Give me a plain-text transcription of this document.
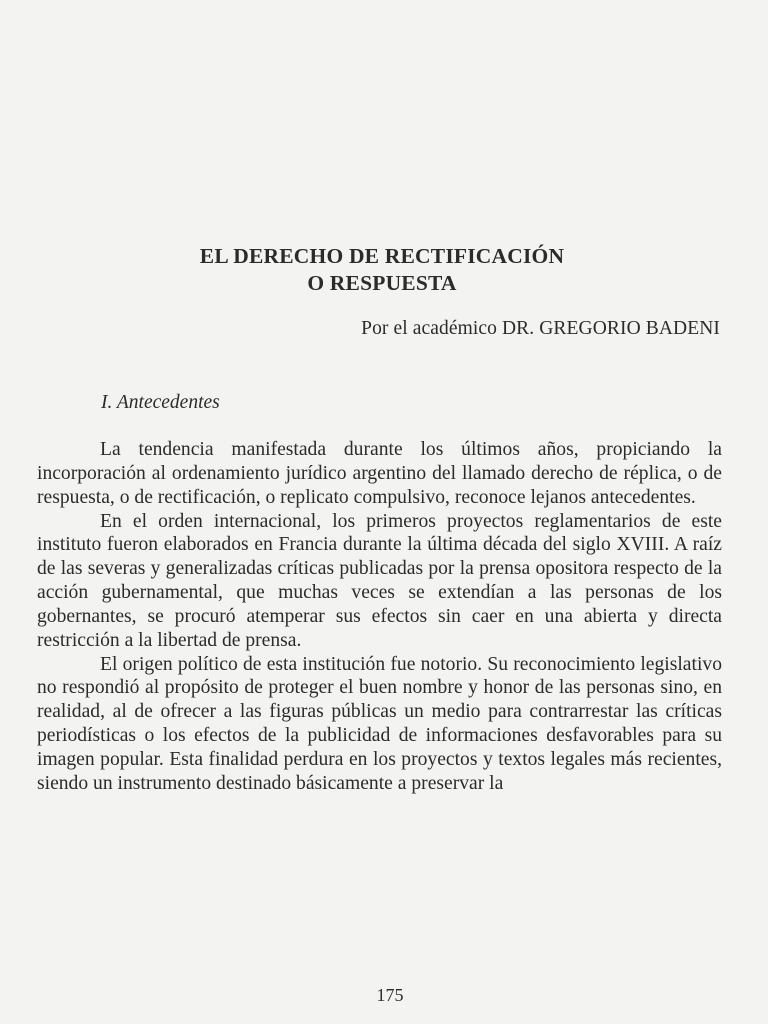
EL DERECHO DE RECTIFICACIÓN
O RESPUESTA

Por el académico DR. GREGORIO BADENI

I. Antecedentes

La tendencia manifestada durante los últimos años, propiciando la incorporación al ordenamiento jurídico argentino del llamado derecho de réplica, o de respuesta, o de rectificación, o replicato compulsivo, reconoce lejanos antecedentes.

En el orden internacional, los primeros proyectos reglamentarios de este instituto fueron elaborados en Francia durante la última década del siglo XVIII. A raíz de las severas y generalizadas críticas publicadas por la prensa opositora respecto de la acción gubernamental, que muchas veces se extendían a las personas de los gobernantes, se procuró atemperar sus efectos sin caer en una abierta y directa restricción a la libertad de prensa.

El origen político de esta institución fue notorio. Su reconocimiento legislativo no respondió al propósito de proteger el buen nombre y honor de las personas sino, en realidad, al de ofrecer a las figuras públicas un medio para contrarrestar las críticas periodísticas o los efectos de la publicidad de informaciones desfavorables para su imagen popular. Esta finalidad perdura en los proyectos y textos legales más recientes, siendo un instrumento destinado básicamente a preservar la

175
